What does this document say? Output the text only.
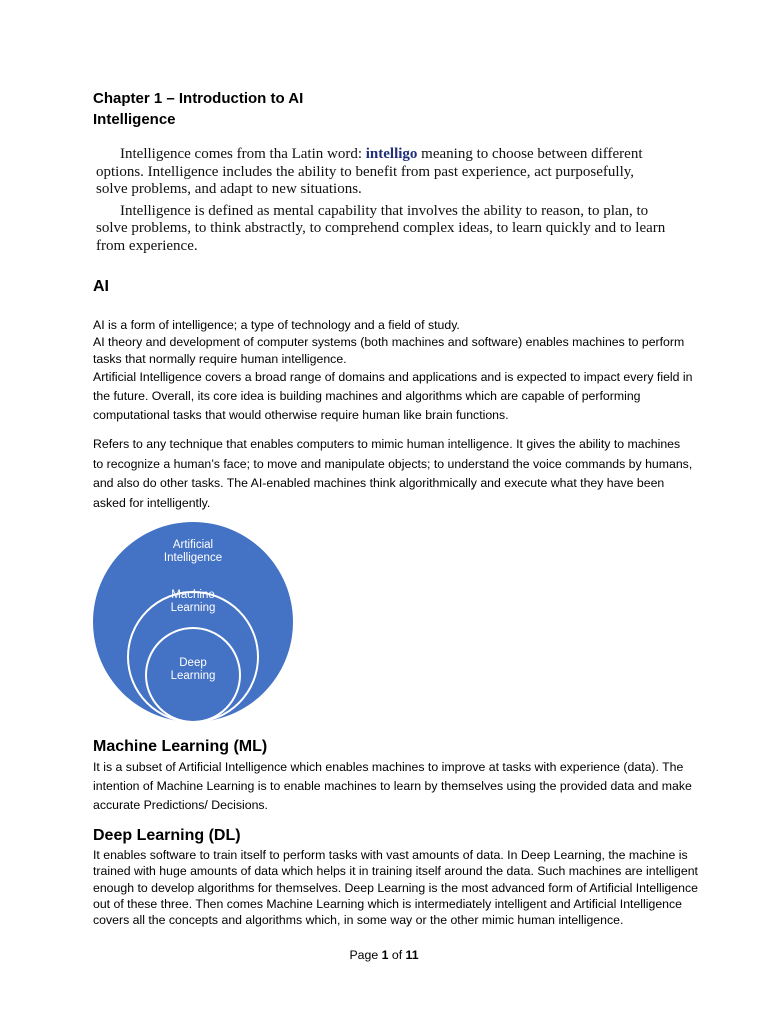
Chapter 1 – Introduction to AI
Intelligence

Intelligence comes from tha Latin word: intelligo meaning to choose between different options. Intelligence includes the ability to benefit from past experience, act purposefully, solve problems, and adapt to new situations.

Intelligence is defined as mental capability that involves the ability to reason, to plan, to solve problems, to think abstractly, to comprehend complex ideas, to learn quickly and to learn from experience.

AI

AI is a form of intelligence; a type of technology and a field of study.

AI theory and development of computer systems (both machines and software) enables machines to perform tasks that normally require human intelligence.

Artificial Intelligence covers a broad range of domains and applications and is expected to impact every field in the future. Overall, its core idea is building machines and algorithms which are capable of performing computational tasks that would otherwise require human like brain functions.

Refers to any technique that enables computers to mimic human intelligence. It gives the ability to machines to recognize a human’s face; to move and manipulate objects; to understand the voice commands by humans, and also do other tasks. The AI-enabled machines think algorithmically and execute what they have been asked for intelligently.

Artificial
Intelligence
Machine
Learning
Deep
Learning
Machine Learning (ML)

It is a subset of Artificial Intelligence which enables machines to improve at tasks with experience (data). The intention of Machine Learning is to enable machines to learn by themselves using the provided data and make accurate Predictions/ Decisions.

Deep Learning (DL)

It enables software to train itself to perform tasks with vast amounts of data. In Deep Learning, the machine is trained with huge amounts of data which helps it in training itself around the data. Such machines are intelligent enough to develop algorithms for themselves. Deep Learning is the most advanced form of Artificial Intelligence out of these three. Then comes Machine Learning which is intermediately intelligent and Artificial Intelligence covers all the concepts and algorithms which, in some way or the other mimic human intelligence.

Page 1 of 11
